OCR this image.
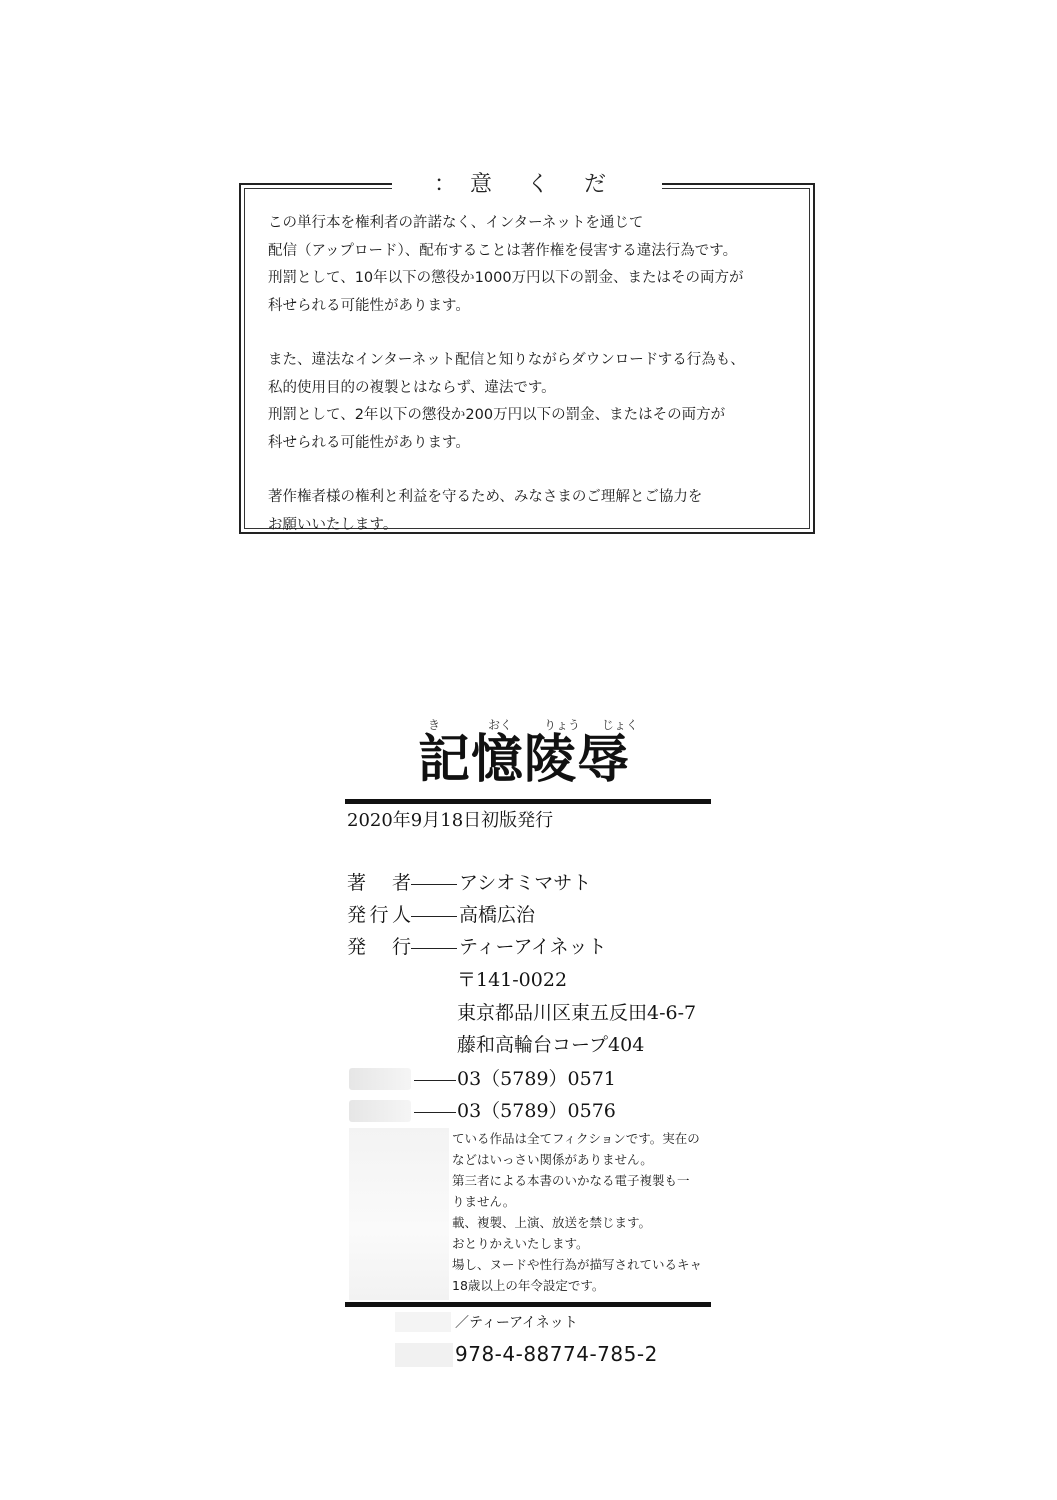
：意 く だ

この単行本を権利者の許諾なく、インターネットを通じて
配信（アップロード）、配布することは著作権を侵害する違法行為です。
刑罰として、10年以下の懲役か1000万円以下の罰金、またはその両方が
科せられる可能性があります。

また、違法なインターネット配信と知りながらダウンロードする行為も、
私的使用目的の複製とはならず、違法です。
刑罰として、2年以下の懲役か200万円以下の罰金、またはその両方が
科せられる可能性があります。

著作権者様の権利と利益を守るため、みなさまのご理解とご協力を
お願いいたします。

き	おく	りょう じょく
記憶陵辱
2020年9月18日初版発行
著　者	アシオミマサト
発行人	高橋広治
発　行	ティーアイネット
〒141-0022
東京都品川区東五反田4-6-7
藤和高輪台コープ404
03（5789）0571
03（5789）0576
ている作品は全てフィクションです。実在の
などはいっさい関係がありません。
第三者による本書のいかなる電子複製も一
りません。
載、複製、上演、放送を禁じます。
おとりかえいたします。
場し、ヌードや性行為が描写されているキャ
18歳以上の年令設定です。
／ティーアイネット
978-4-88774-785-2
